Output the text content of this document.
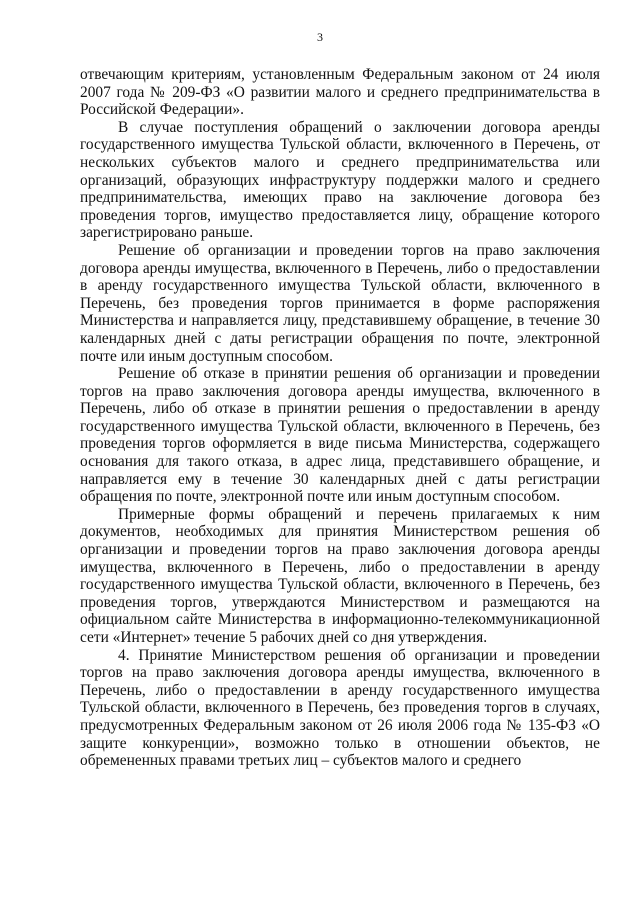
3

отвечающим критериям, установленным Федеральным законом от 24 июля 2007 года № 209-ФЗ «О развитии малого и среднего предпринимательства в Российской Федерации».

В случае поступления обращений о заключении договора аренды государственного имущества Тульской области, включенного в Перечень, от нескольких субъектов малого и среднего предпринимательства или организаций, образующих инфраструктуру поддержки малого и среднего предпринимательства, имеющих право на заключение договора без проведения торгов, имущество предоставляется лицу, обращение которого зарегистрировано раньше.

Решение об организации и проведении торгов на право заключения договора аренды имущества, включенного в Перечень, либо о предоставлении в аренду государственного имущества Тульской области, включенного в Перечень, без проведения торгов принимается в форме распоряжения Министерства и направляется лицу, представившему обращение, в течение 30 календарных дней с даты регистрации обращения по почте, электронной почте или иным доступным способом.

Решение об отказе в принятии решения об организации и проведении торгов на право заключения договора аренды имущества, включенного в Перечень, либо об отказе в принятии решения о предоставлении в аренду государственного имущества Тульской области, включенного в Перечень, без проведения торгов оформляется в виде письма Министерства, содержащего основания для такого отказа, в адрес лица, представившего обращение, и направляется ему в течение 30 календарных дней с даты регистрации обращения по почте, электронной почте или иным доступным способом.

Примерные формы обращений и перечень прилагаемых к ним документов, необходимых для принятия Министерством решения об организации и проведении торгов на право заключения договора аренды имущества, включенного в Перечень, либо о предоставлении в аренду государственного имущества Тульской области, включенного в Перечень, без проведения торгов, утверждаются Министерством и размещаются на официальном сайте Министерства в информационно-телекоммуникационной сети «Интернет» течение 5 рабочих дней со дня утверждения.

4. Принятие Министерством решения об организации и проведении торгов на право заключения договора аренды имущества, включенного в Перечень, либо о предоставлении в аренду государственного имущества Тульской области, включенного в Перечень, без проведения торгов в случаях, предусмотренных Федеральным законом от 26 июля 2006 года № 135-ФЗ «О защите конкуренции», возможно только в отношении объектов, не обремененных правами третьих лиц – субъектов малого и среднего
